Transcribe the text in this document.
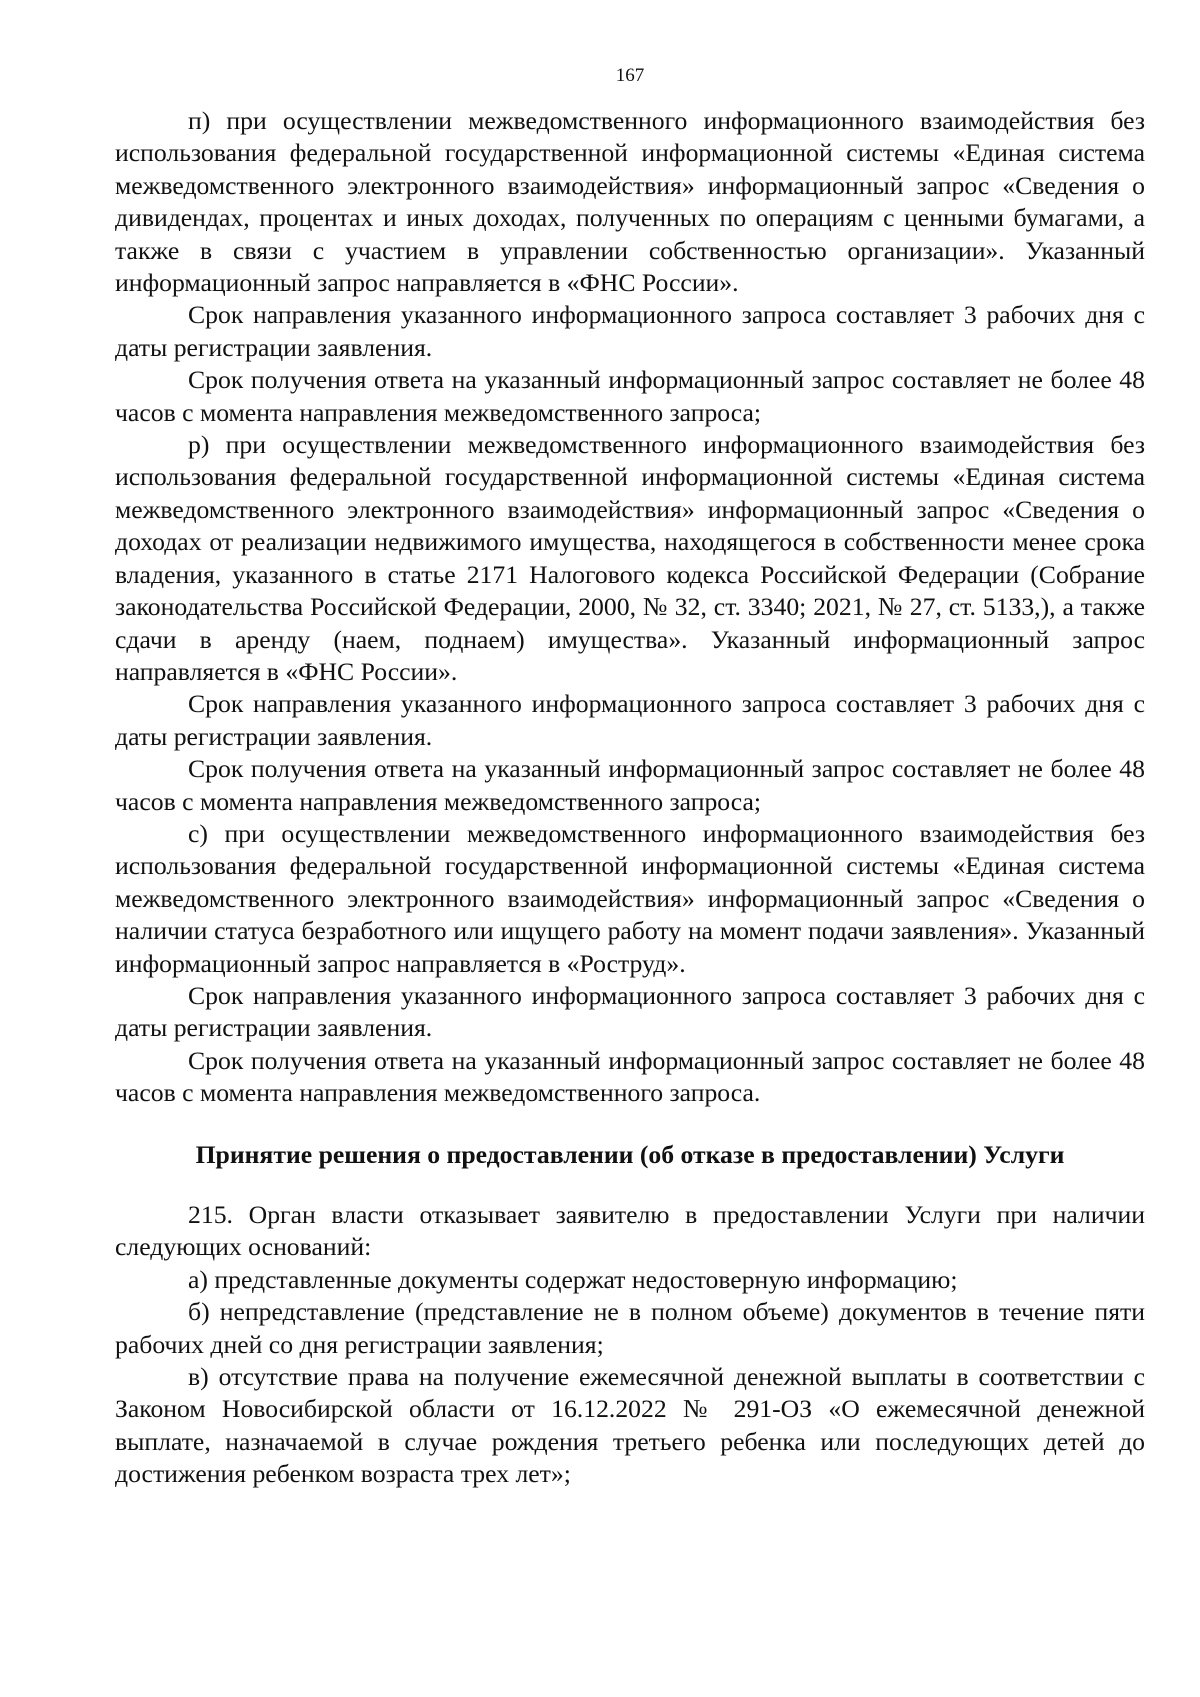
167

п) при осуществлении межведомственного информационного взаимодействия без использования федеральной государственной информационной системы «Единая система межведомственного электронного взаимодействия» информационный запрос «Сведения о дивидендах, процентах и иных доходах, полученных по операциям с ценными бумагами, а также в связи с участием в управлении собственностью организации». Указанный информационный запрос направляется в «ФНС России».

Срок направления указанного информационного запроса составляет 3 рабочих дня с даты регистрации заявления.

Срок получения ответа на указанный информационный запрос составляет не более 48 часов с момента направления межведомственного запроса;

р) при осуществлении межведомственного информационного взаимодействия без использования федеральной государственной информационной системы «Единая система межведомственного электронного взаимодействия» информационный запрос «Сведения о доходах от реализации недвижимого имущества, находящегося в собственности менее срока владения, указанного в статье 2171 Налогового кодекса Российской Федерации (Собрание законодательства Российской Федерации, 2000, № 32, ст. 3340; 2021, № 27, ст. 5133,), а также сдачи в аренду (наем, поднаем) имущества». Указанный информационный запрос направляется в «ФНС России».

Срок направления указанного информационного запроса составляет 3 рабочих дня с даты регистрации заявления.

Срок получения ответа на указанный информационный запрос составляет не более 48 часов с момента направления межведомственного запроса;

с) при осуществлении межведомственного информационного взаимодействия без использования федеральной государственной информационной системы «Единая система межведомственного электронного взаимодействия» информационный запрос «Сведения о наличии статуса безработного или ищущего работу на момент подачи заявления». Указанный информационный запрос направляется в «Роструд».

Срок направления указанного информационного запроса составляет 3 рабочих дня с даты регистрации заявления.

Срок получения ответа на указанный информационный запрос составляет не более 48 часов с момента направления межведомственного запроса.

Принятие решения о предоставлении (об отказе в предоставлении) Услуги

215. Орган власти отказывает заявителю в предоставлении Услуги при наличии следующих оснований:

а) представленные документы содержат недостоверную информацию;

б) непредставление (представление не в полном объеме) документов в течение пяти рабочих дней со дня регистрации заявления;

в) отсутствие права на получение ежемесячной денежной выплаты в соответствии с Законом Новосибирской области от 16.12.2022 № 291-ОЗ «О ежемесячной денежной выплате, назначаемой в случае рождения третьего ребенка или последующих детей до достижения ребенком возраста трех лет»;
